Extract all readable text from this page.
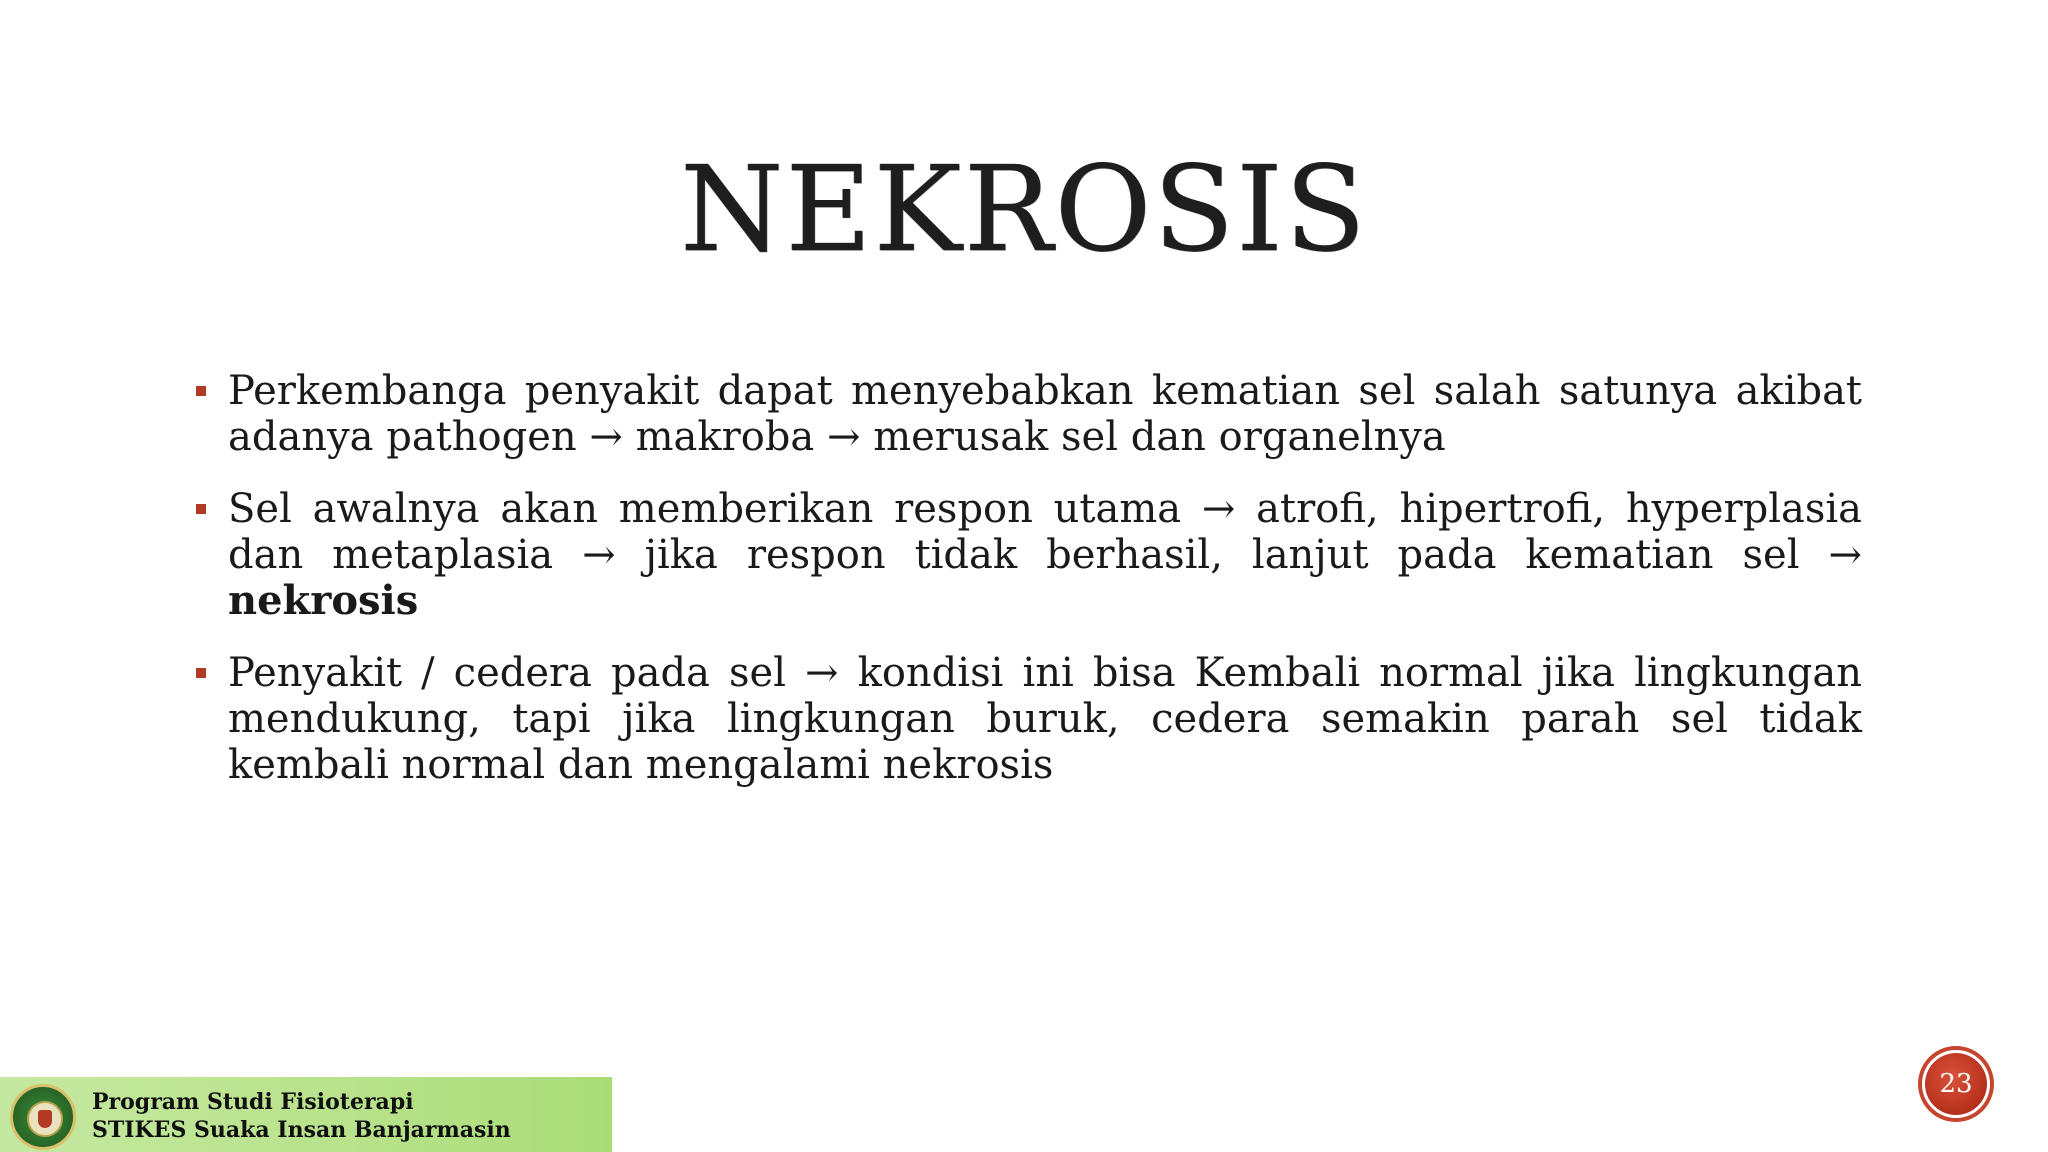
NEKROSIS
Perkembanga penyakit dapat menyebabkan kematian sel salah satunya akibat adanya pathogen → makroba → merusak sel dan organelnya
Sel awalnya akan memberikan respon utama → atrofi, hipertrofi, hyperplasia dan metaplasia → jika respon tidak berhasil, lanjut pada kematian sel → nekrosis
Penyakit / cedera pada sel → kondisi ini bisa Kembali normal jika lingkungan mendukung, tapi jika lingkungan buruk, cedera semakin parah sel tidak kembali normal dan mengalami nekrosis
Program Studi Fisioterapi
STIKES Suaka Insan Banjarmasin
23
